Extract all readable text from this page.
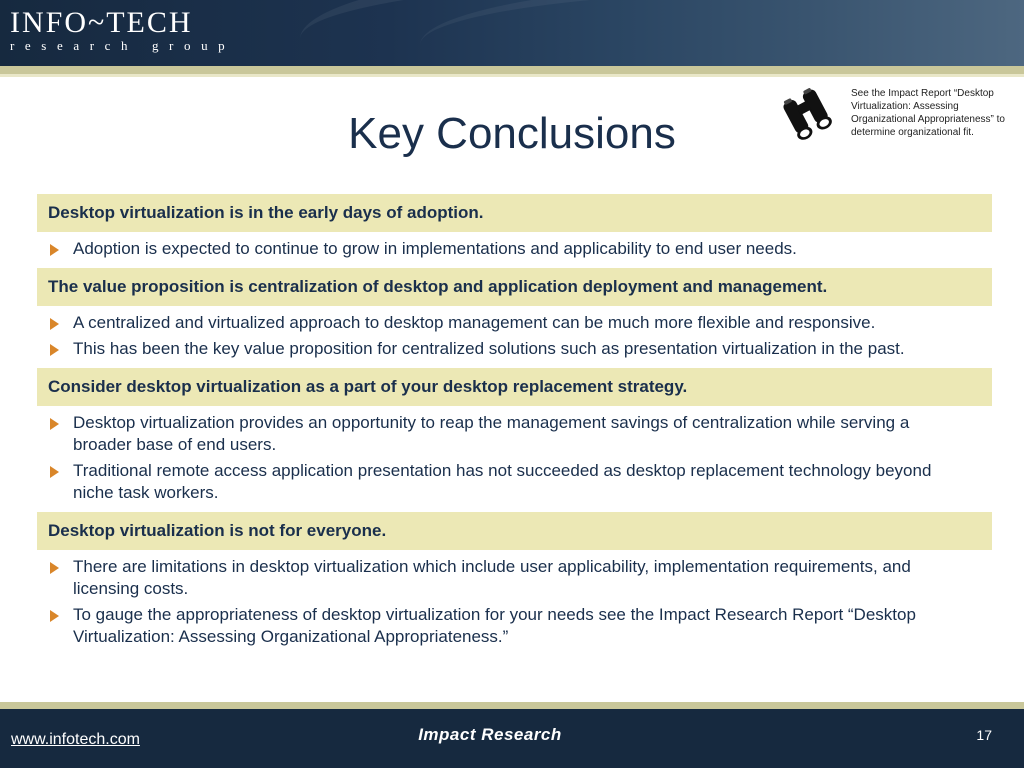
INFO~TECH
research group
Key Conclusions
See the Impact Report “Desktop Virtualization: Assessing Organizational Appropriateness” to determine organizational fit.
Desktop virtualization is in the early days of adoption.
Adoption is expected to continue to grow in implementations and applicability to end user needs.
The value proposition is centralization of desktop and application deployment and management.
A centralized and virtualized approach to desktop management can be much more flexible and responsive.
This has been the key value proposition for centralized solutions such as presentation virtualization in the past.
Consider desktop virtualization as a part of your desktop replacement strategy.
Desktop virtualization provides an opportunity to reap the management savings of centralization while serving a broader base of end users.
Traditional remote access application presentation has not succeeded as desktop replacement technology beyond niche task workers.
Desktop virtualization is not for everyone.
There are limitations in desktop virtualization which include user applicability, implementation requirements, and licensing costs.
To gauge the appropriateness of desktop virtualization for your needs see the Impact Research Report “Desktop Virtualization: Assessing Organizational Appropriateness.”
www.infotech.com	Impact Research	17
